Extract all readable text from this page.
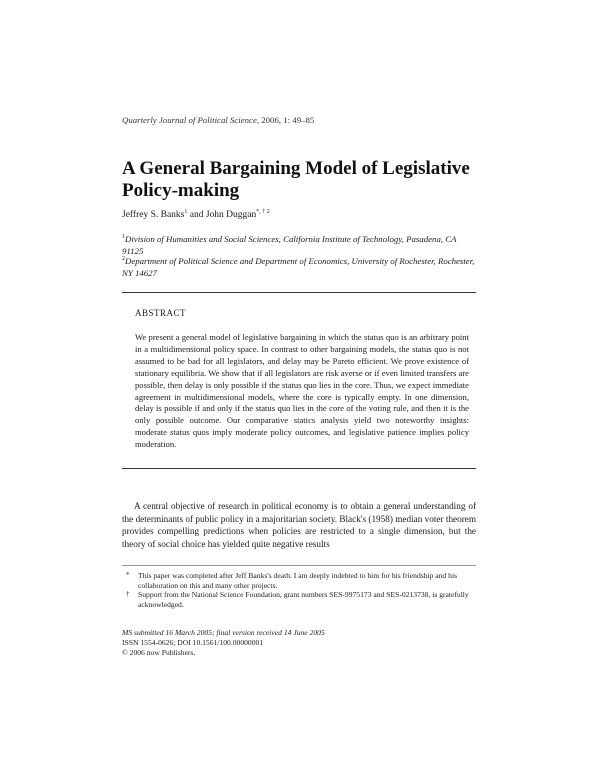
Quarterly Journal of Political Science, 2006, 1: 49–85
A General Bargaining Model of Legislative Policy-making
Jeffrey S. Banks$^1$ and John Duggan$^{*, \dagger 2}$
$^1$Division of Humanities and Social Sciences, California Institute of Technology, Pasadena, CA 91125
$^2$Department of Political Science and Department of Economics, University of Rochester, Rochester, NY 14627
ABSTRACT
We present a general model of legislative bargaining in which the status quo is an arbitrary point in a multidimensional policy space. In contrast to other bargaining models, the status quo is not assumed to be bad for all legislators, and delay may be Pareto efficient. We prove existence of stationary equilibria. We show that if all legislators are risk averse or if even limited transfers are possible, then delay is only possible if the status quo lies in the core. Thus, we expect immediate agreement in multidimensional models, where the core is typically empty. In one dimension, delay is possible if and only if the status quo lies in the core of the voting rule, and then it is the only possible outcome. Our comparative statics analysis yield two noteworthy insights: moderate status quos imply moderate policy outcomes, and legislative patience implies policy moderation.
A central objective of research in political economy is to obtain a general understanding of the determinants of public policy in a majoritarian society. Black's (1958) median voter theorem provides compelling predictions when policies are restricted to a single dimension, but the theory of social choice has yielded quite negative results
* This paper was completed after Jeff Banks's death. I am deeply indebted to him for his friendship and his collaboration on this and many other projects.
† Support from the National Science Foundation, grant numbers SES-9975173 and SES-0213738, is gratefully acknowledged.
MS submitted 16 March 2005; final version received 14 June 2005
ISSN 1554-0626; DOI 10.1561/100.00000001
© 2006 now Publishers.
